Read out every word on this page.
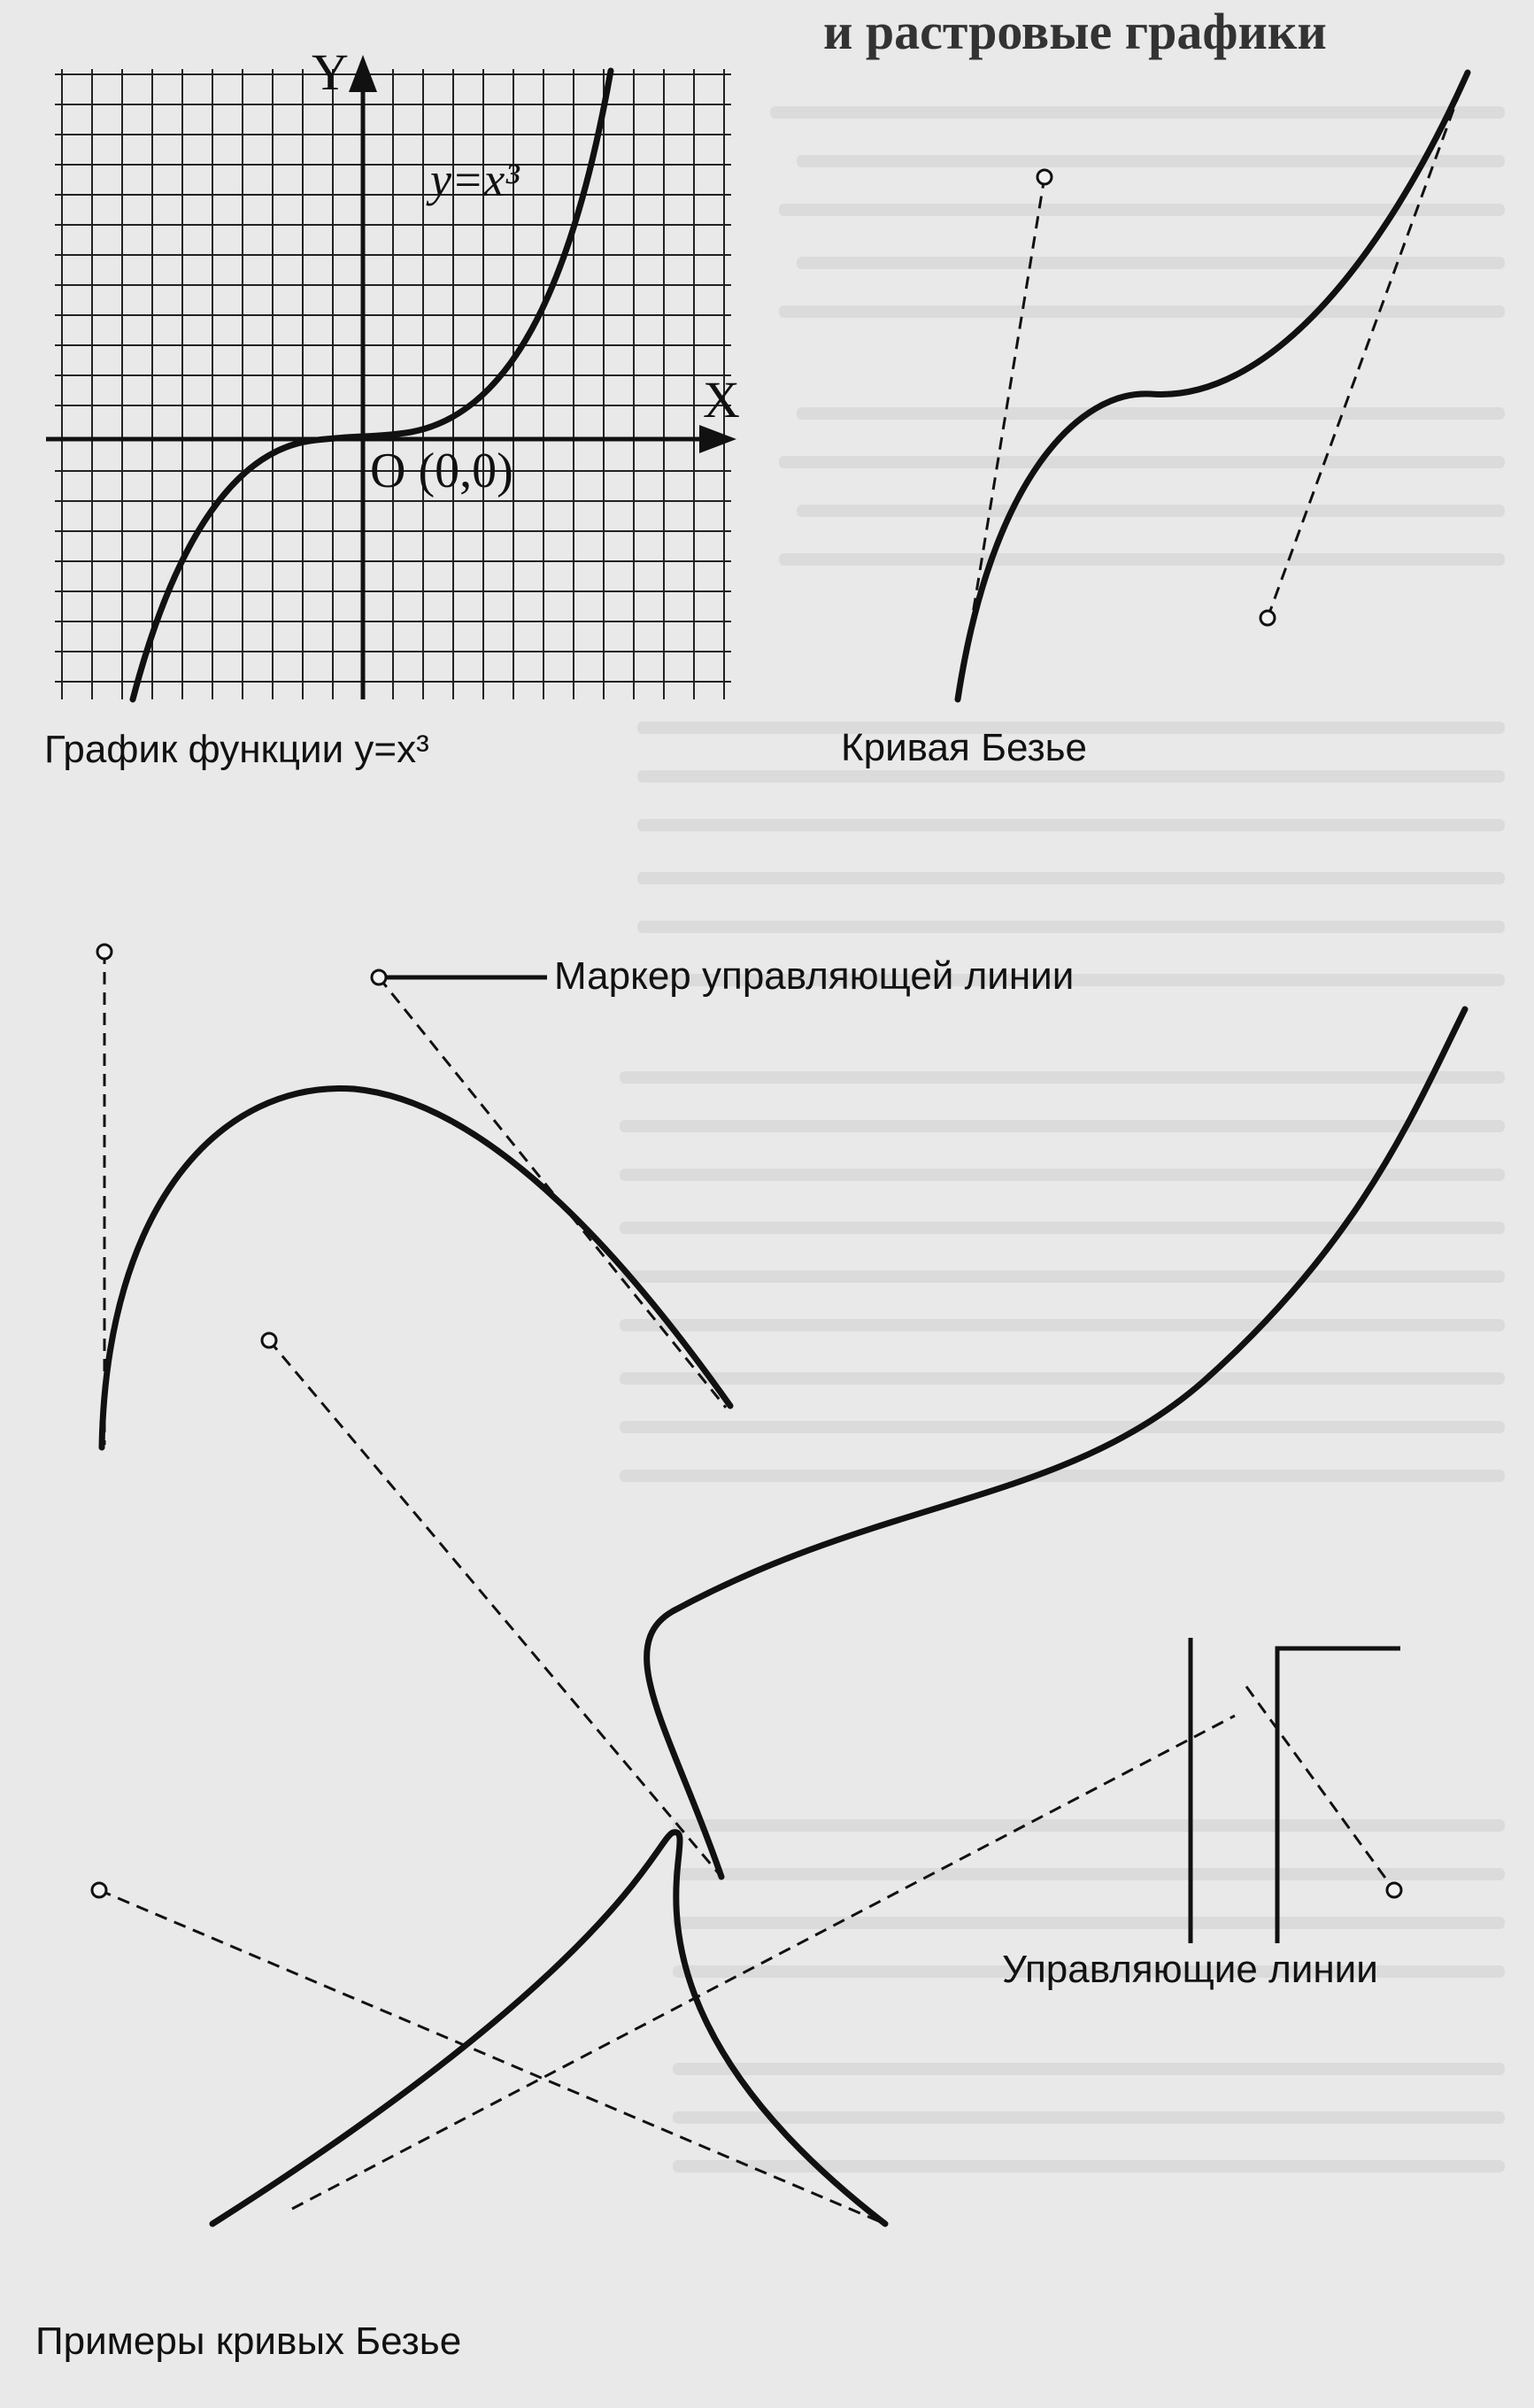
и растровые графики
Y
X
O (0,0)
y=x³
График функции y=x³	Кривая Безье
Маркер управляющей линии
Управляющие линии
Примеры кривых Безье
